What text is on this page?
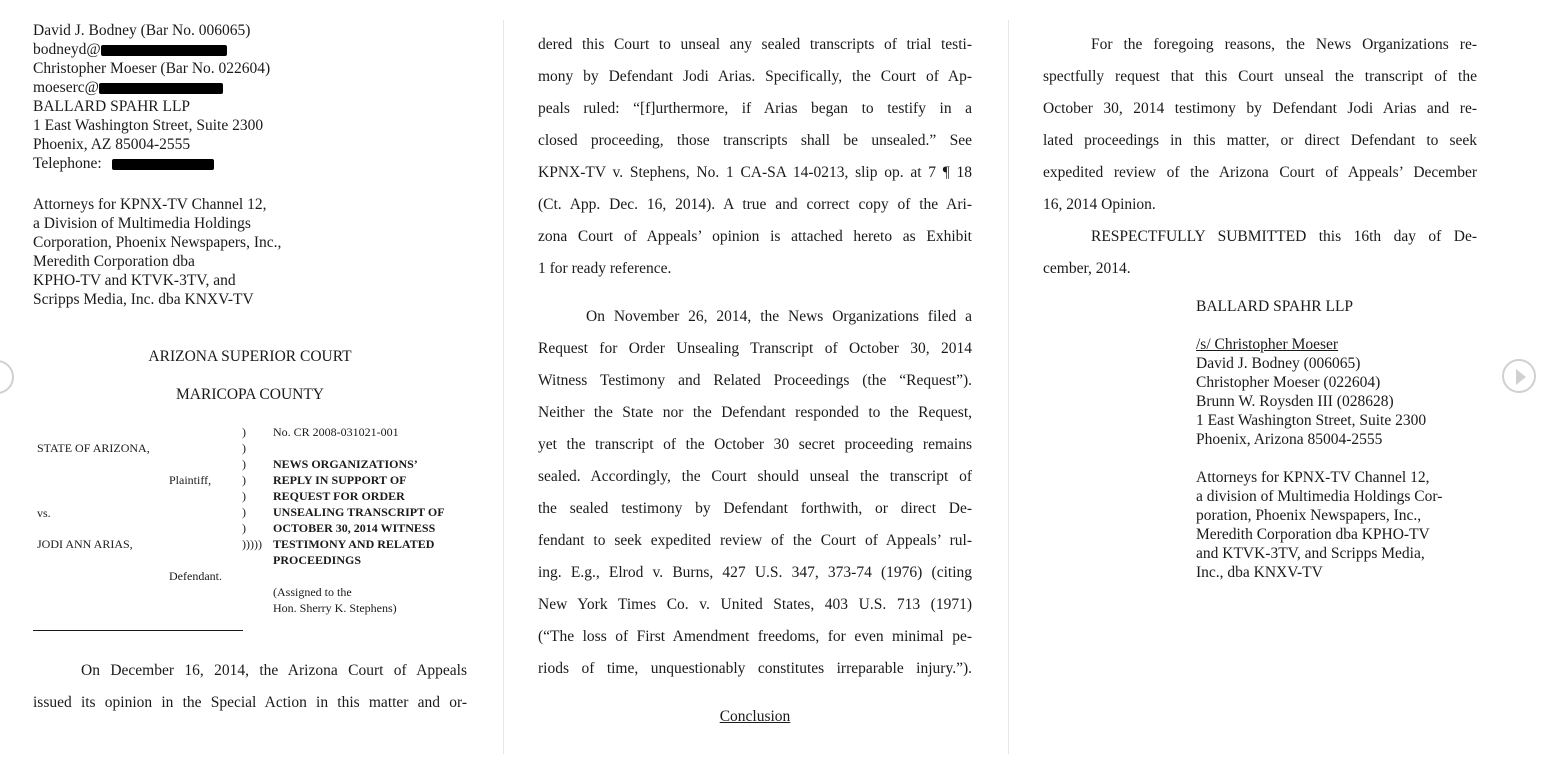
David J. Bodney (Bar No. 006065)
bodneyd@
Christopher Moeser (Bar No. 022604)
moeserc@
BALLARD SPAHR LLP
1 East Washington Street, Suite 2300
Phoenix, AZ 85004-2555
Telephone:
Attorneys for KPNX-TV Channel 12,
a Division of Multimedia Holdings
Corporation, Phoenix Newspapers, Inc.,
Meredith Corporation dba
KPHO-TV and KTVK-3TV, and
Scripps Media, Inc. dba KNXV-TV
ARIZONA SUPERIOR COURT
MARICOPA COUNTY
STATE OF ARIZONA,
Plaintiff,
vs.
JODI ANN ARIAS,
Defendant.
)
)
)
)
)
)
)
)))))
No. CR 2008-031021-001
NEWS ORGANIZATIONS’
REPLY IN SUPPORT OF
REQUEST FOR ORDER
UNSEALING TRANSCRIPT OF
OCTOBER 30, 2014 WITNESS
TESTIMONY AND RELATED
PROCEEDINGS
(Assigned to the
Hon. Sherry K. Stephens)
On December 16, 2014, the Arizona Court of Appeals
issued its opinion in the Special Action in this matter and or-
dered this Court to unseal any sealed transcripts of trial testi-
mony by Defendant Jodi Arias. Specifically, the Court of Ap-
peals ruled: “[f]urthermore, if Arias began to testify in a
closed proceeding, those transcripts shall be unsealed.” See
KPNX-TV v. Stephens, No. 1 CA-SA 14-0213, slip op. at 7 ¶ 18
(Ct. App. Dec. 16, 2014). A true and correct copy of the Ari-
zona Court of Appeals’ opinion is attached hereto as Exhibit
1 for ready reference.
On November 26, 2014, the News Organizations filed a
Request for Order Unsealing Transcript of October 30, 2014
Witness Testimony and Related Proceedings (the “Request”).
Neither the State nor the Defendant responded to the Request,
yet the transcript of the October 30 secret proceeding remains
sealed. Accordingly, the Court should unseal the transcript of
the sealed testimony by Defendant forthwith, or direct De-
fendant to seek expedited review of the Court of Appeals’ rul-
ing. E.g., Elrod v. Burns, 427 U.S. 347, 373-74 (1976) (citing
New York Times Co. v. United States, 403 U.S. 713 (1971)
(“The loss of First Amendment freedoms, for even minimal pe-
riods of time, unquestionably constitutes irreparable injury.”).
Conclusion
For the foregoing reasons, the News Organizations re-
spectfully request that this Court unseal the transcript of the
October 30, 2014 testimony by Defendant Jodi Arias and re-
lated proceedings in this matter, or direct Defendant to seek
expedited review of the Arizona Court of Appeals’ December
16, 2014 Opinion.
RESPECTFULLY SUBMITTED this 16th day of De-
cember, 2014.
BALLARD SPAHR LLP
/s/ Christopher Moeser
David J. Bodney (006065)
Christopher Moeser (022604)
Brunn W. Roysden III (028628)
1 East Washington Street, Suite 2300
Phoenix, Arizona 85004-2555
Attorneys for KPNX-TV Channel 12,
a division of Multimedia Holdings Cor-
poration, Phoenix Newspapers, Inc.,
Meredith Corporation dba KPHO-TV
and KTVK-3TV, and Scripps Media,
Inc., dba KNXV-TV
